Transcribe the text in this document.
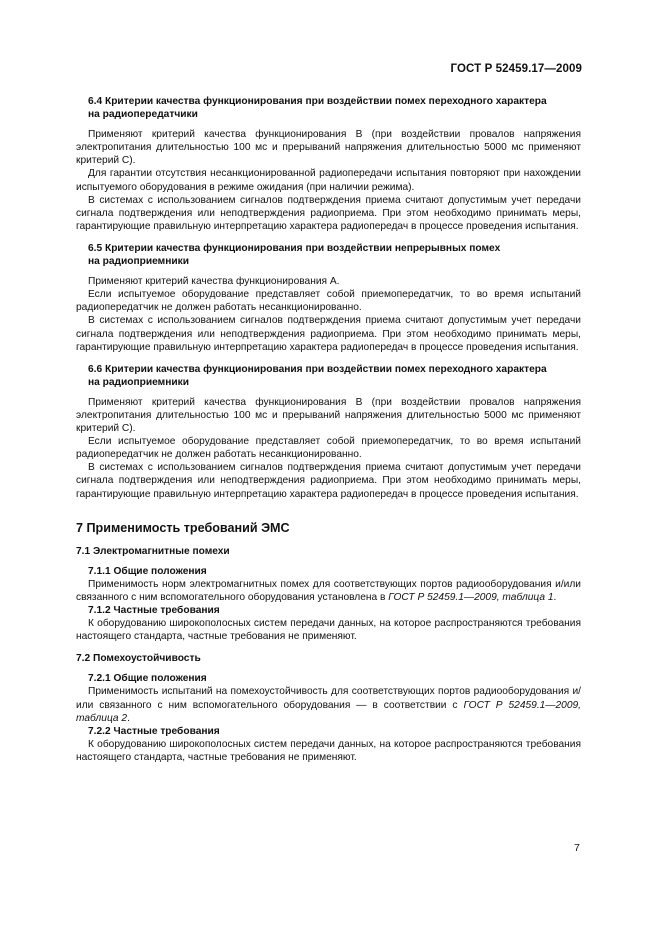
ГОСТ Р 52459.17—2009
6.4 Критерии качества функционирования при воздействии помех переходного характера
на радиопередатчики
Применяют критерий качества функционирования В (при воздействии провалов напряжения электропитания длительностью 100 мс и прерываний напряжения длительностью 5000 мс применяют критерий С).
Для гарантии отсутствия несанкционированной радиопередачи испытания повторяют при нахождении испытуемого оборудования в режиме ожидания (при наличии режима).
В системах с использованием сигналов подтверждения приема считают допустимым учет передачи сигнала подтверждения или неподтверждения радиоприема. При этом необходимо принимать меры, гарантирующие правильную интерпретацию характера радиопередач в процессе проведения испытания.
6.5 Критерии качества функционирования при воздействии непрерывных помех
на радиоприемники
Применяют критерий качества функционирования А.
Если испытуемое оборудование представляет собой приемопередатчик, то во время испытаний радиопередатчик не должен работать несанкционированно.
В системах с использованием сигналов подтверждения приема считают допустимым учет передачи сигнала подтверждения или неподтверждения радиоприема. При этом необходимо принимать меры, гарантирующие правильную интерпретацию характера радиопередач в процессе проведения испытания.
6.6 Критерии качества функционирования при воздействии помех переходного характера
на радиоприемники
Применяют критерий качества функционирования В (при воздействии провалов напряжения электропитания длительностью 100 мс и прерываний напряжения длительностью 5000 мс применяют критерий С).
Если испытуемое оборудование представляет собой приемопередатчик, то во время испытаний радиопередатчик не должен работать несанкционированно.
В системах с использованием сигналов подтверждения приема считают допустимым учет передачи сигнала подтверждения или неподтверждения радиоприема. При этом необходимо принимать меры, гарантирующие правильную интерпретацию характера радиопередач в процессе проведения испытания.
7 Применимость требований ЭМС
7.1 Электромагнитные помехи
7.1.1 Общие положения
Применимость норм электромагнитных помех для соответствующих портов радиооборудования и/или связанного с ним вспомогательного оборудования установлена в ГОСТ Р 52459.1—2009, таблица 1.
7.1.2 Частные требования
К оборудованию широкополосных систем передачи данных, на которое распространяются требования настоящего стандарта, частные требования не применяют.
7.2 Помехоустойчивость
7.2.1 Общие положения
Применимость испытаний на помехоустойчивость для соответствующих портов радиооборудования и/или связанного с ним вспомогательного оборудования — в соответствии с ГОСТ Р 52459.1—2009, таблица 2.
7.2.2 Частные требования
К оборудованию широкополосных систем передачи данных, на которое распространяются требования настоящего стандарта, частные требования не применяют.
7
